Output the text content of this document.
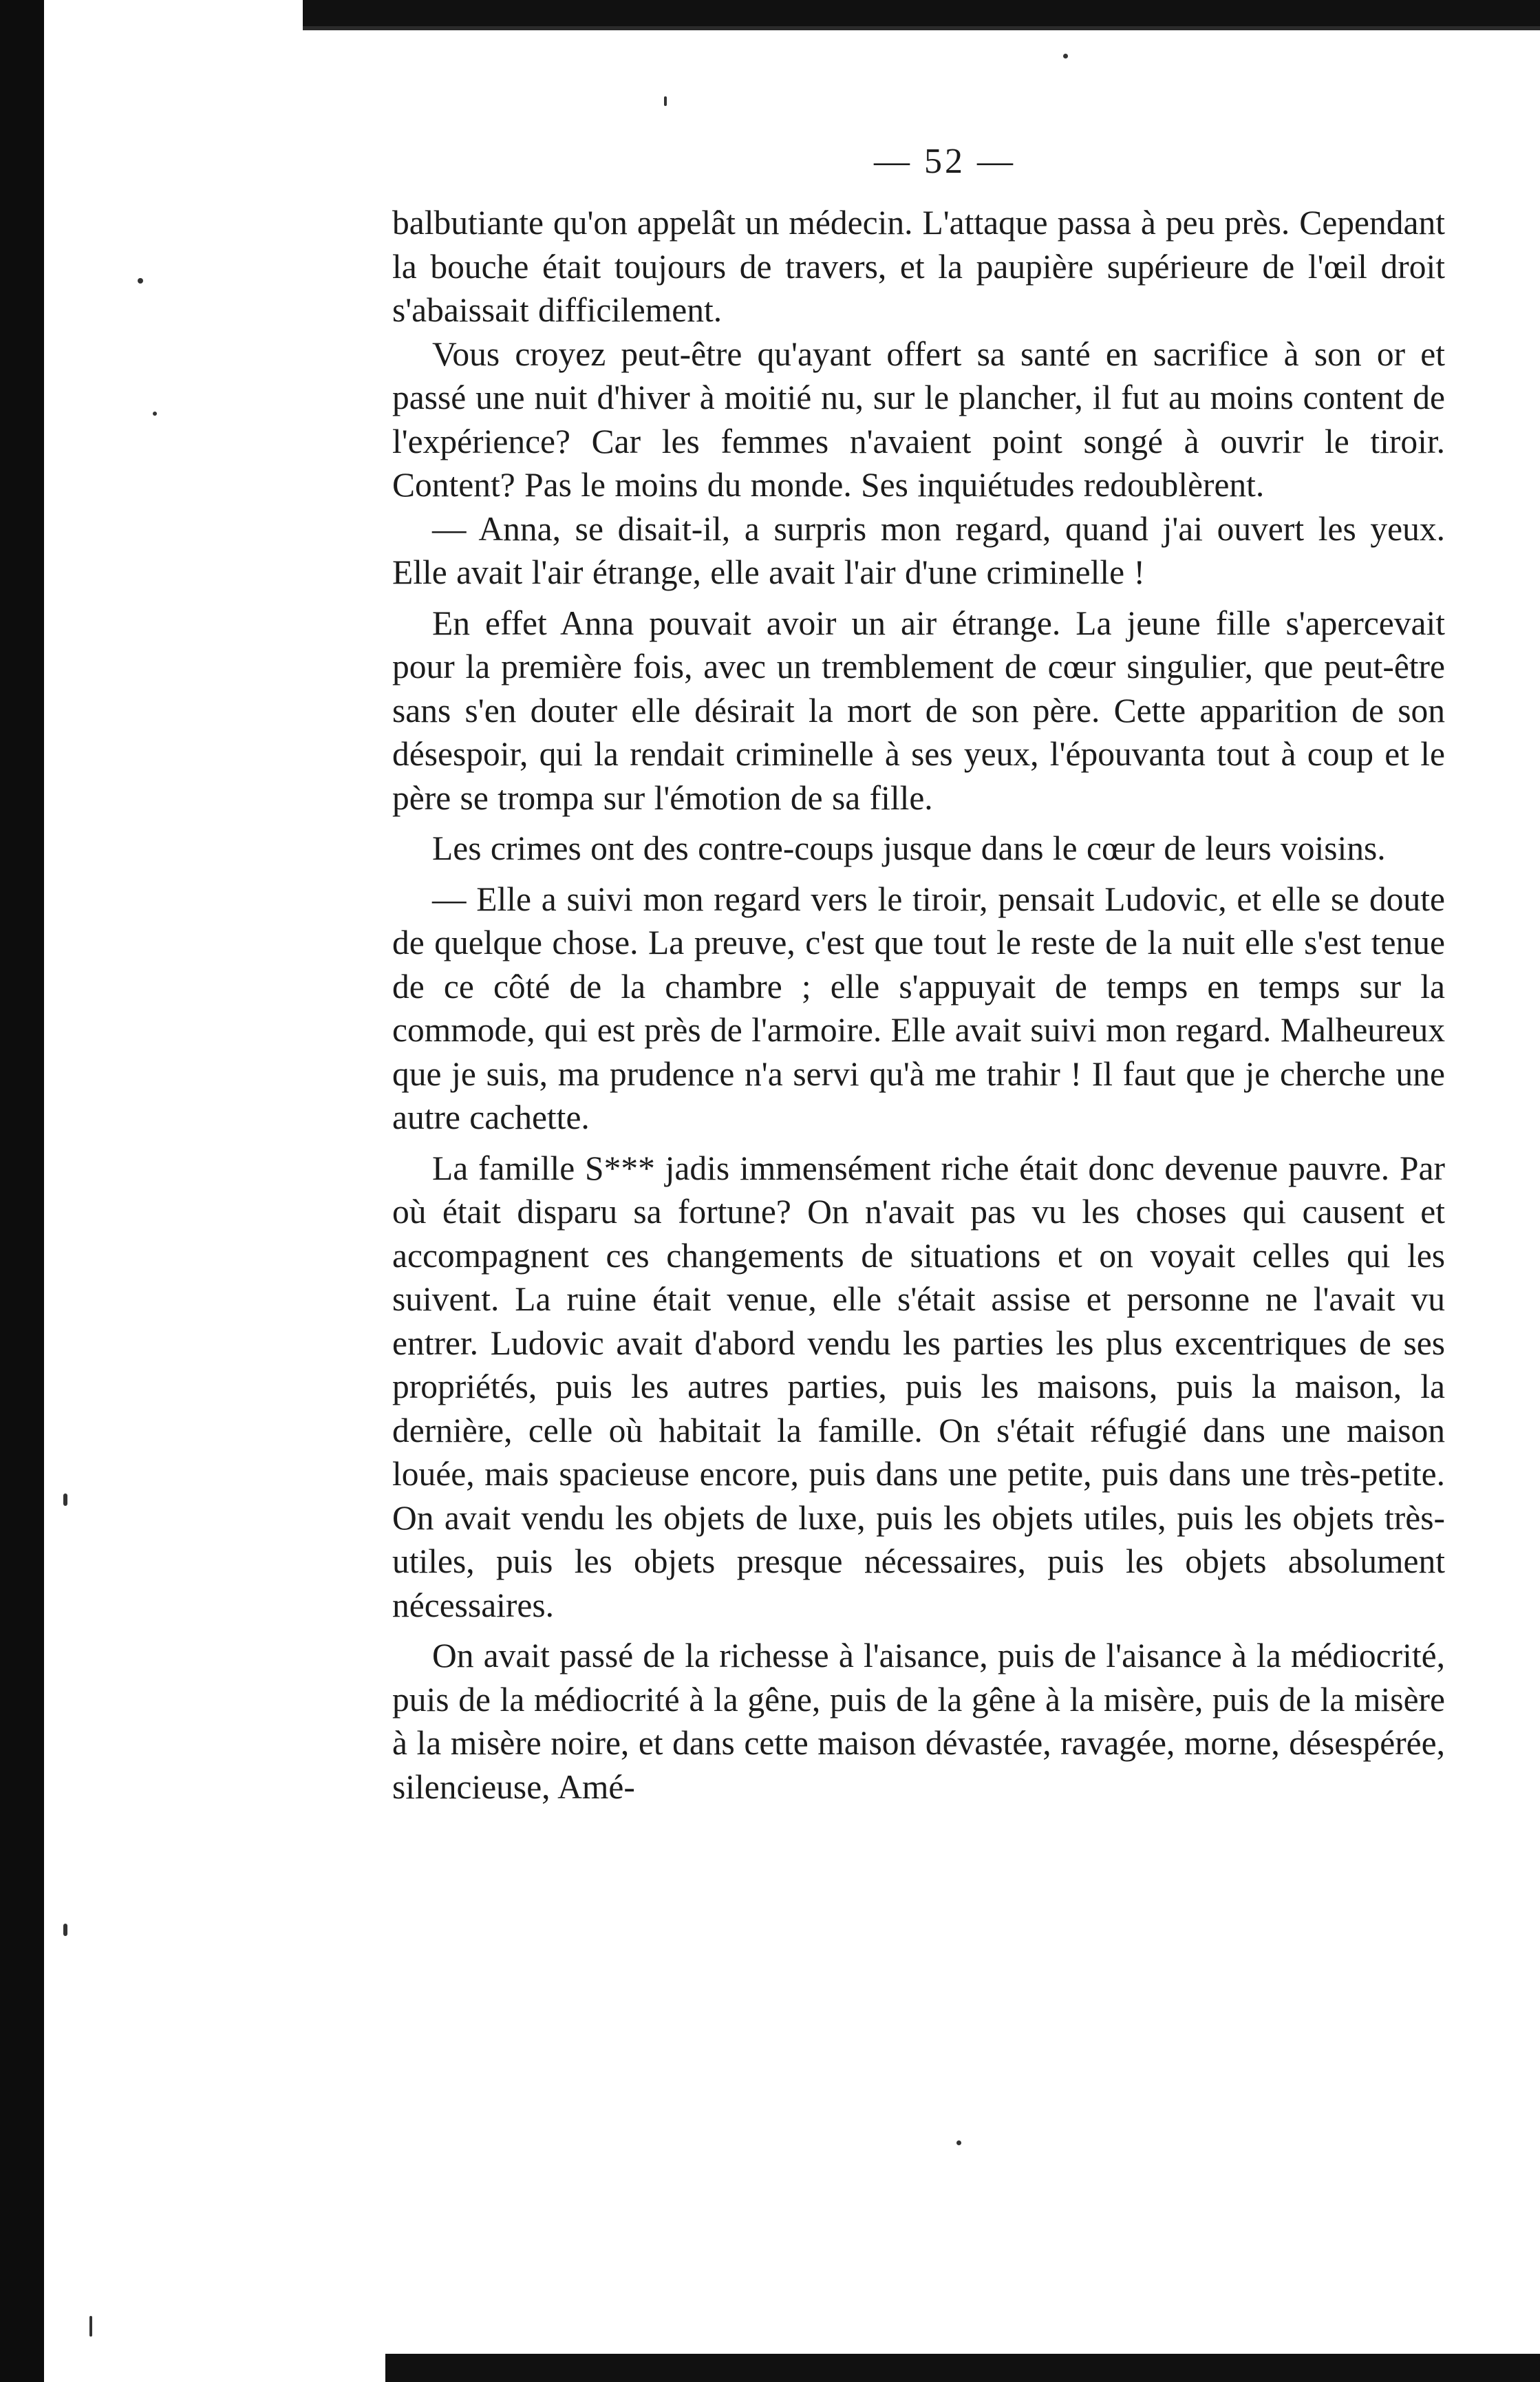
— 52 —

balbutiante qu'on appelât un médecin. L'attaque passa à peu près. Cependant la bouche était toujours de travers, et la paupière supérieure de l'œil droit s'abaissait difficilement.

Vous croyez peut-être qu'ayant offert sa santé en sacrifice à son or et passé une nuit d'hiver à moitié nu, sur le plancher, il fut au moins content de l'expérience? Car les femmes n'avaient point songé à ouvrir le tiroir. Content? Pas le moins du monde. Ses inquiétudes redoublèrent.

— Anna, se disait-il, a surpris mon regard, quand j'ai ouvert les yeux. Elle avait l'air étrange, elle avait l'air d'une criminelle !

En effet Anna pouvait avoir un air étrange. La jeune fille s'apercevait pour la première fois, avec un tremblement de cœur singulier, que peut-être sans s'en douter elle désirait la mort de son père. Cette apparition de son désespoir, qui la rendait criminelle à ses yeux, l'épouvanta tout à coup et le père se trompa sur l'émotion de sa fille.

Les crimes ont des contre-coups jusque dans le cœur de leurs voisins.

— Elle a suivi mon regard vers le tiroir, pensait Ludovic, et elle se doute de quelque chose. La preuve, c'est que tout le reste de la nuit elle s'est tenue de ce côté de la chambre ; elle s'appuyait de temps en temps sur la commode, qui est près de l'armoire. Elle avait suivi mon regard. Malheureux que je suis, ma prudence n'a servi qu'à me trahir ! Il faut que je cherche une autre cachette.

La famille S*** jadis immensément riche était donc devenue pauvre. Par où était disparu sa fortune? On n'avait pas vu les choses qui causent et accompagnent ces changements de situations et on voyait celles qui les suivent. La ruine était venue, elle s'était assise et personne ne l'avait vu entrer. Ludovic avait d'abord vendu les parties les plus excentriques de ses propriétés, puis les autres parties, puis les maisons, puis la maison, la dernière, celle où habitait la famille. On s'était réfugié dans une maison louée, mais spacieuse encore, puis dans une petite, puis dans une très-petite. On avait vendu les objets de luxe, puis les objets utiles, puis les objets très-utiles, puis les objets presque nécessaires, puis les objets absolument nécessaires.

On avait passé de la richesse à l'aisance, puis de l'aisance à la médiocrité, puis de la médiocrité à la gêne, puis de la gêne à la misère, puis de la misère à la misère noire, et dans cette maison dévastée, ravagée, morne, désespérée, silencieuse, Amé-
